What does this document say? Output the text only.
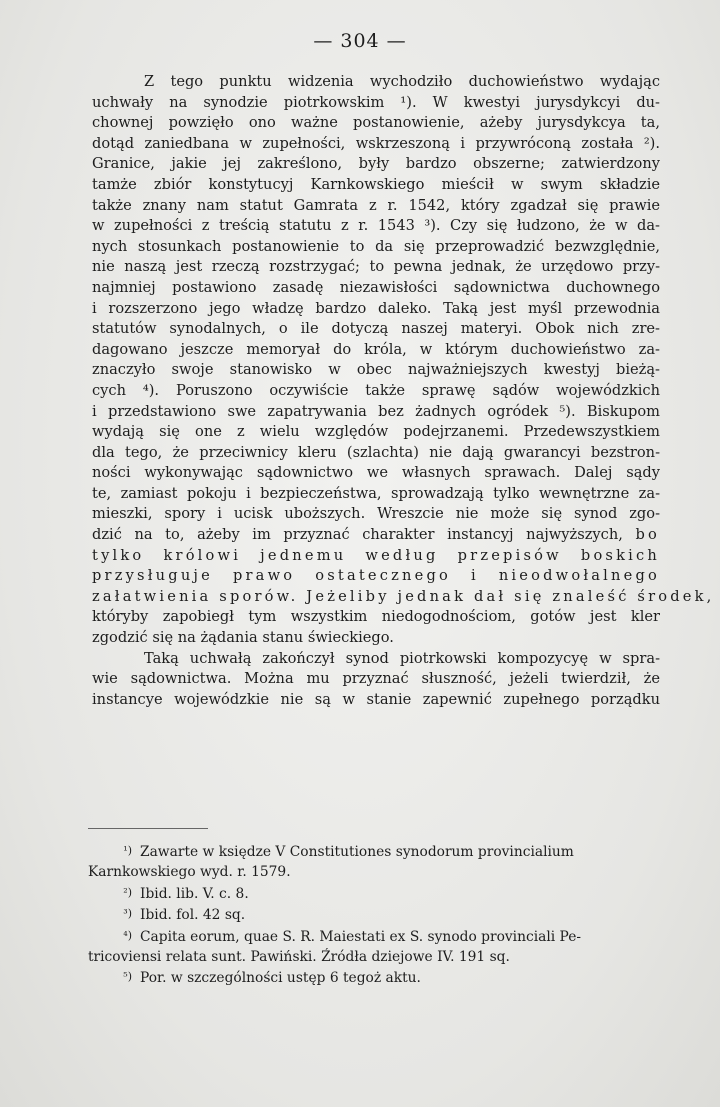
— 304 —
Z tego punktu widzenia wychodziło duchowieństwo wydając
uchwały na synodzie piotrkowskim ¹). W kwestyi jurysdykcyi du-
chownej powzięło ono ważne postanowienie, ażeby jurysdykcya ta,
dotąd zaniedbana w zupełności, wskrzeszoną i przywróconą została ²).
Granice, jakie jej zakreślono, były bardzo obszerne; zatwierdzony
tamże zbiór konstytucyj Karnkowskiego mieścił w swym składzie
także znany nam statut Gamrata z r. 1542, który zgadzał się prawie
w zupełności z treścią statutu z r. 1543 ³). Czy się łudzono, że w da-
nych stosunkach postanowienie to da się przeprowadzić bezwzględnie,
nie naszą jest rzeczą rozstrzygać; to pewna jednak, że urzędowo przy-
najmniej postawiono zasadę niezawisłości sądownictwa duchownego
i rozszerzono jego władzę bardzo daleko. Taką jest myśl przewodnia
statutów synodalnych, o ile dotyczą naszej materyi. Obok nich zre-
dagowano jeszcze memoryał do króla, w którym duchowieństwo za-
znaczyło swoje stanowisko w obec najważniejszych kwestyj bieżą-
cych ⁴). Poruszono oczywiście także sprawę sądów wojewódzkich
i przedstawiono swe zapatrywania bez żadnych ogródek ⁵). Biskupom
wydają się one z wielu względów podejrzanemi. Przedewszystkiem
dla tego, że przeciwnicy kleru (szlachta) nie dają gwarancyi bezstron-
ności wykonywając sądownictwo we własnych sprawach. Dalej sądy
te, zamiast pokoju i bezpieczeństwa, sprowadzają tylko wewnętrzne za-
mieszki, spory i ucisk uboższych. Wreszcie nie może się synod zgo-
dzić na to, ażeby im przyznać charakter instancyj najwyższych, bo
tylko królowi jednemu według przepisów boskich
przysługuje prawo ostatecznego i nieodwołalnego
załatwienia sporów. Jeżeliby jednak dał się znaleść środek,
któryby zapobiegł tym wszystkim niedogodnościom, gotów jest kler
zgodzić się na żądania stanu świeckiego.
Taką uchwałą zakończył synod piotrkowski kompozycyę w spra-
wie sądownictwa. Można mu przyznać słuszność, jeżeli twierdził, że
instancye wojewódzkie nie są w stanie zapewnić zupełnego porządku
¹) Zawarte w księdze V Constitutiones synodorum provincialium
Karnkowskiego wyd. r. 1579.
²) Ibid. lib. V. c. 8.
³) Ibid. fol. 42 sq.
⁴) Capita eorum, quae S. R. Maiestati ex S. synodo provinciali Pe-
tricoviensi relata sunt. Pawiński. Źródła dziejowe IV. 191 sq.
⁵) Por. w szczególności ustęp 6 tegoż aktu.
